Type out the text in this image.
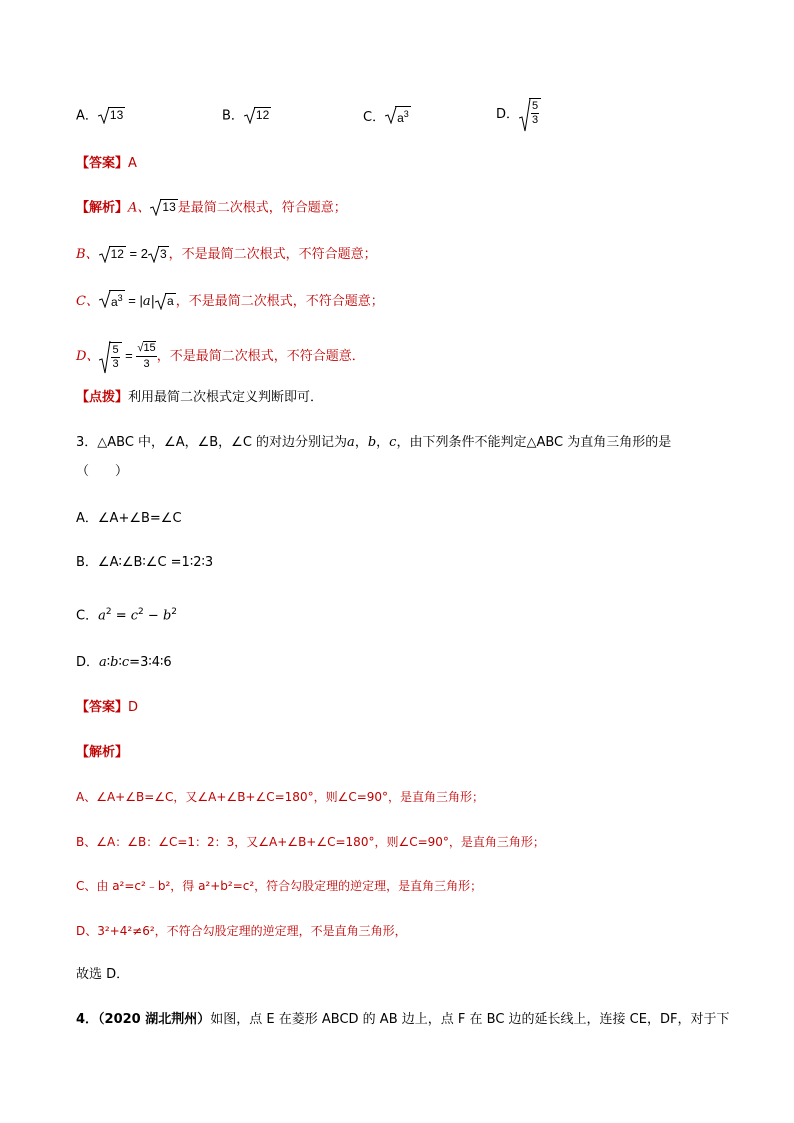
A． 13	B． 12	C． $a^3$	D． $\frac{5}{3}$
【答案】A
【解析】A、 13 是最简二次根式，符合题意；
B、 12 = 2 3 ，不是最简二次根式，不符合题意；
C、 $a^3 = |a|$ a ，不是最简二次根式，不符合题意；
D、 $\frac{5}{3} = \frac{√15}{3}$ ，不是最简二次根式，不符合题意．
【点拨】利用最简二次根式定义判断即可．
3．△ABC 中，∠A，∠B，∠C 的对边分别记为a，b，c，由下列条件不能判定△ABC 为直角三角形的是
（　　）
A．∠A+∠B=∠C
B．∠A∶∠B∶∠C =1∶2∶3
C．$a^2 = c^2 - b^2$
D．a∶b∶c=3∶4∶6
【答案】D
【解析】
A、∠A+∠B=∠C，又∠A+∠B+∠C=180°，则∠C=90°，是直角三角形；
B、∠A：∠B：∠C=1：2：3，又∠A+∠B+∠C=180°，则∠C=90°，是直角三角形；
C、由 a²=c²﹣b²，得 a²+b²=c²，符合勾股定理的逆定理，是直角三角形；
D、3²+4²≠6²，不符合勾股定理的逆定理，不是直角三角形，
故选 D．
4．（2020 湖北荆州）如图，点 E 在菱形 ABCD 的 AB 边上，点 F 在 BC 边的延长线上，连接 CE，DF，对于下
